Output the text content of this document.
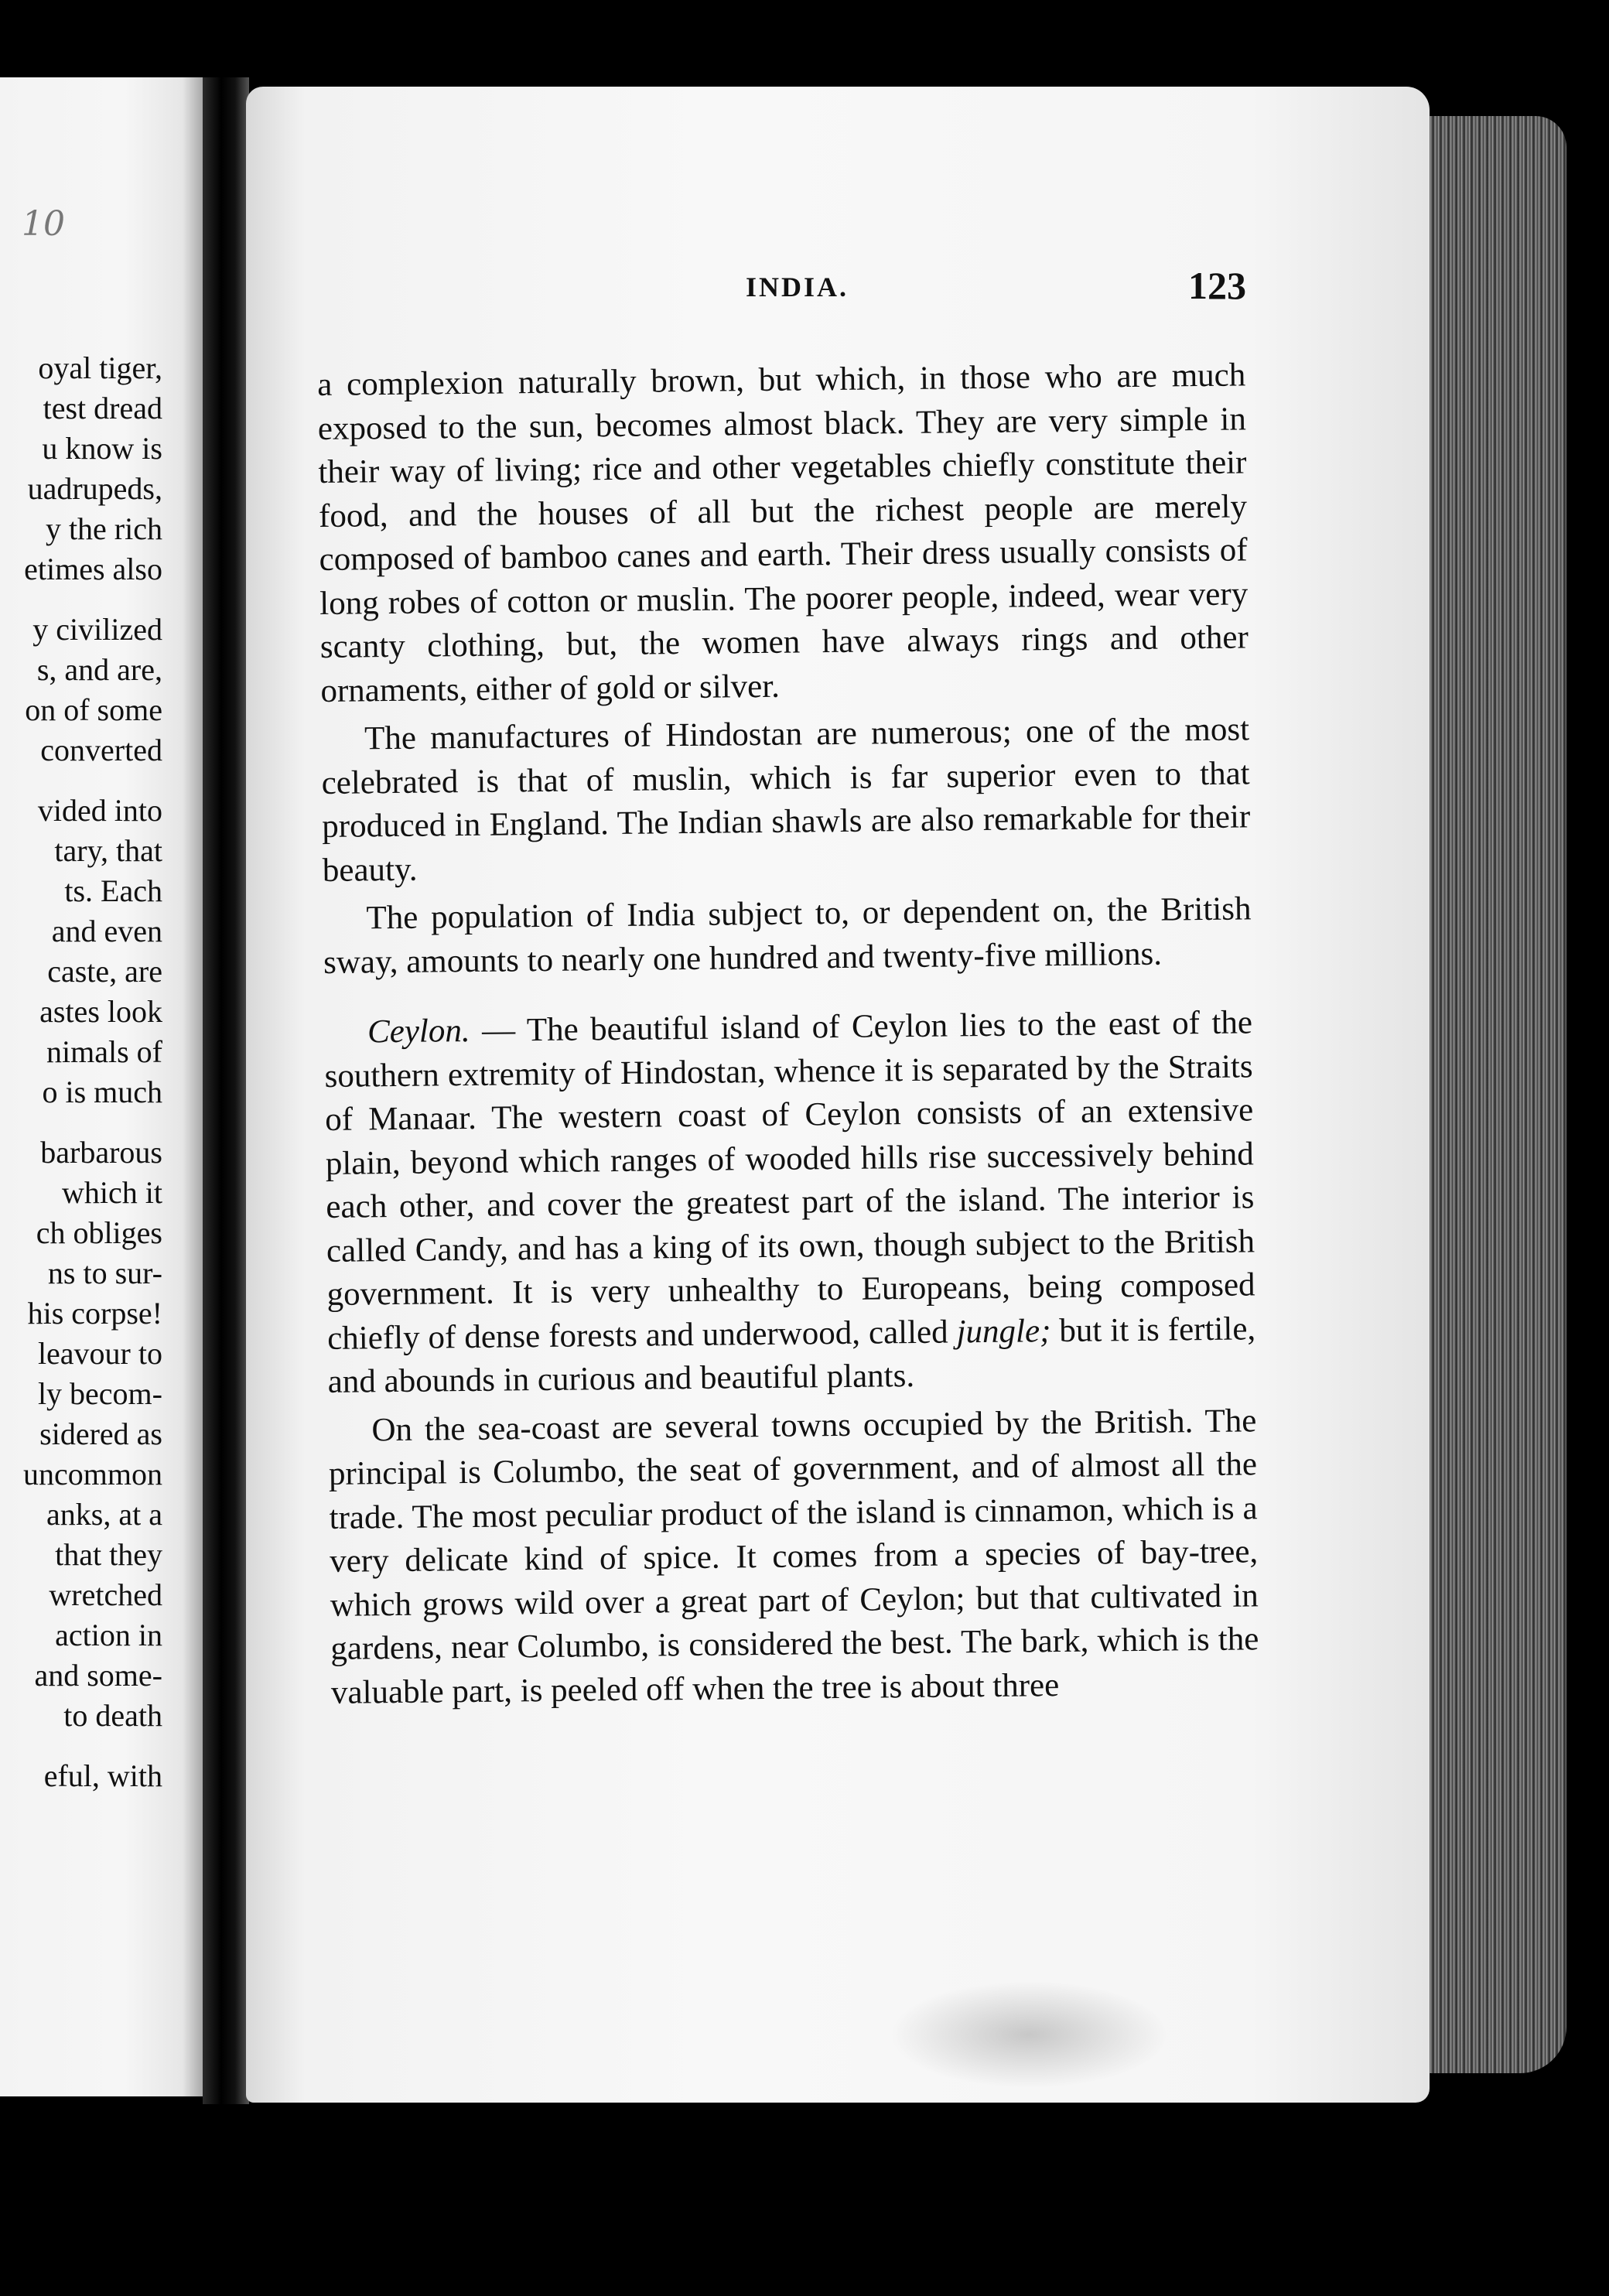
oyal tiger,
test dread
u know is
uadrupeds,
y the rich
etimes also
y civilized
s, and are,
on of some
converted
vided into
tary, that
ts. Each
and even
caste, are
astes look
nimals of
o is much
barbarous
which it
ch obliges
ns to sur-
his corpse!
leavour to
ly becom-
sidered as
uncommon
anks, at a
that they
wretched
action in
and some-
to death
eful, with
10
INDIA.	123

a complexion naturally brown, but which, in those who are much exposed to the sun, becomes almost black. They are very simple in their way of living; rice and other vegetables chiefly constitute their food, and the houses of all but the richest people are merely composed of bamboo canes and earth. Their dress usually consists of long robes of cotton or muslin. The poorer people, indeed, wear very scanty clothing, but, the women have always rings and other ornaments, either of gold or silver.

The manufactures of Hindostan are numerous; one of the most celebrated is that of muslin, which is far superior even to that produced in England. The Indian shawls are also remarkable for their beauty.

The population of India subject to, or dependent on, the British sway, amounts to nearly one hundred and twenty-five millions.

Ceylon. — The beautiful island of Ceylon lies to the east of the southern extremity of Hindostan, whence it is separated by the Straits of Manaar. The western coast of Ceylon consists of an extensive plain, beyond which ranges of wooded hills rise successively behind each other, and cover the greatest part of the island. The interior is called Candy, and has a king of its own, though subject to the British government. It is very unhealthy to Europeans, being composed chiefly of dense forests and underwood, called jungle; but it is fertile, and abounds in curious and beautiful plants.

On the sea-coast are several towns occupied by the British. The principal is Columbo, the seat of government, and of almost all the trade. The most peculiar product of the island is cinnamon, which is a very delicate kind of spice. It comes from a species of bay-tree, which grows wild over a great part of Ceylon; but that cultivated in gardens, near Columbo, is considered the best. The bark, which is the valuable part, is peeled off when the tree is about three
